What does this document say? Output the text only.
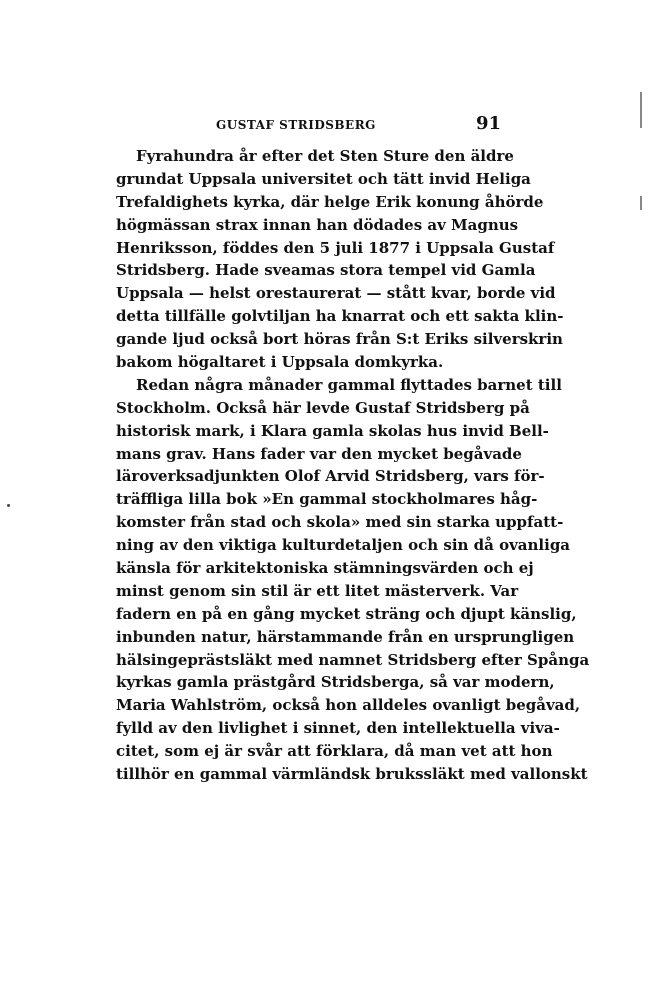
GUSTAF STRIDSBERG	91
Fyrahundra år efter det Sten Sture den äldre
grundat Uppsala universitet och tätt invid Heliga
Trefaldighets kyrka, där helge Erik konung åhörde
högmässan strax innan han dödades av Magnus
Henriksson, föddes den 5 juli 1877 i Uppsala Gustaf
Stridsberg. Hade sveamas stora tempel vid Gamla
Uppsala — helst orestaurerat — stått kvar, borde vid
detta tillfälle golvtiljan ha knarrat och ett sakta klin-
gande ljud också bort höras från S:t Eriks silverskrin
bakom högaltaret i Uppsala domkyrka.
Redan några månader gammal flyttades barnet till
Stockholm. Också här levde Gustaf Stridsberg på
historisk mark, i Klara gamla skolas hus invid Bell-
mans grav. Hans fader var den mycket begåvade
läroverksadjunkten Olof Arvid Stridsberg, vars för-
träffliga lilla bok »En gammal stockholmares håg-
komster från stad och skola» med sin starka uppfatt-
ning av den viktiga kulturdetaljen och sin då ovanliga
känsla för arkitektoniska stämningsvärden och ej
minst genom sin stil är ett litet mästerverk. Var
fadern en på en gång mycket sträng och djupt känslig,
inbunden natur, härstammande från en ursprungligen
hälsingeprästsläkt med namnet Stridsberg efter Spånga
kyrkas gamla prästgård Stridsberga, så var modern,
Maria Wahlström, också hon alldeles ovanligt begåvad,
fylld av den livlighet i sinnet, den intellektuella viva-
citet, som ej är svår att förklara, då man vet att hon
tillhör en gammal värmländsk brukssläkt med vallonskt
